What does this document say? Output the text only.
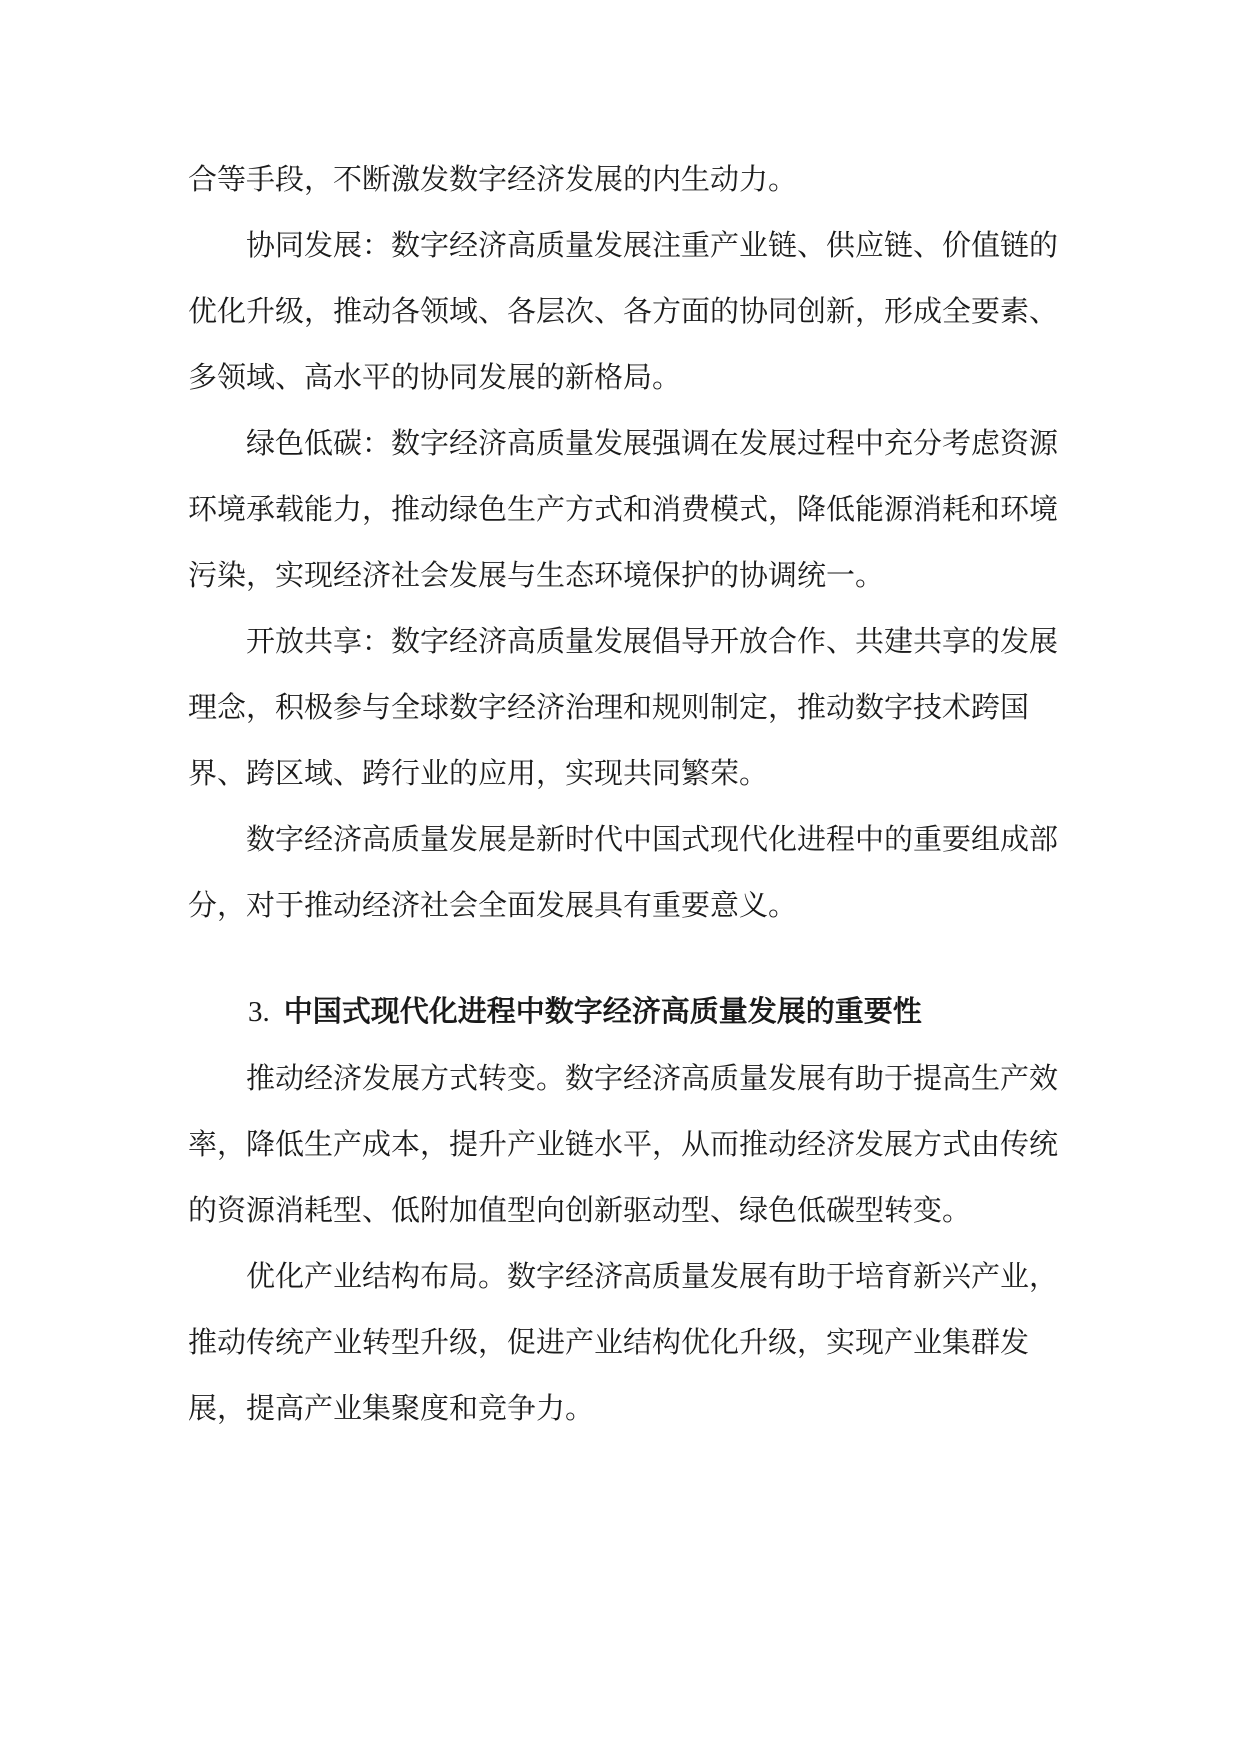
合等手段，不断激发数字经济发展的内生动力。

协同发展：数字经济高质量发展注重产业链、供应链、价值链的优化升级，推动各领域、各层次、各方面的协同创新，形成全要素、多领域、高水平的协同发展的新格局。

绿色低碳：数字经济高质量发展强调在发展过程中充分考虑资源环境承载能力，推动绿色生产方式和消费模式，降低能源消耗和环境污染，实现经济社会发展与生态环境保护的协调统一。

开放共享：数字经济高质量发展倡导开放合作、共建共享的发展理念，积极参与全球数字经济治理和规则制定，推动数字技术跨国界、跨区域、跨行业的应用，实现共同繁荣。

数字经济高质量发展是新时代中国式现代化进程中的重要组成部分，对于推动经济社会全面发展具有重要意义。

3. 中国式现代化进程中数字经济高质量发展的重要性

推动经济发展方式转变。数字经济高质量发展有助于提高生产效率，降低生产成本，提升产业链水平，从而推动经济发展方式由传统的资源消耗型、低附加值型向创新驱动型、绿色低碳型转变。

优化产业结构布局。数字经济高质量发展有助于培育新兴产业，推动传统产业转型升级，促进产业结构优化升级，实现产业集群发展，提高产业集聚度和竞争力。
